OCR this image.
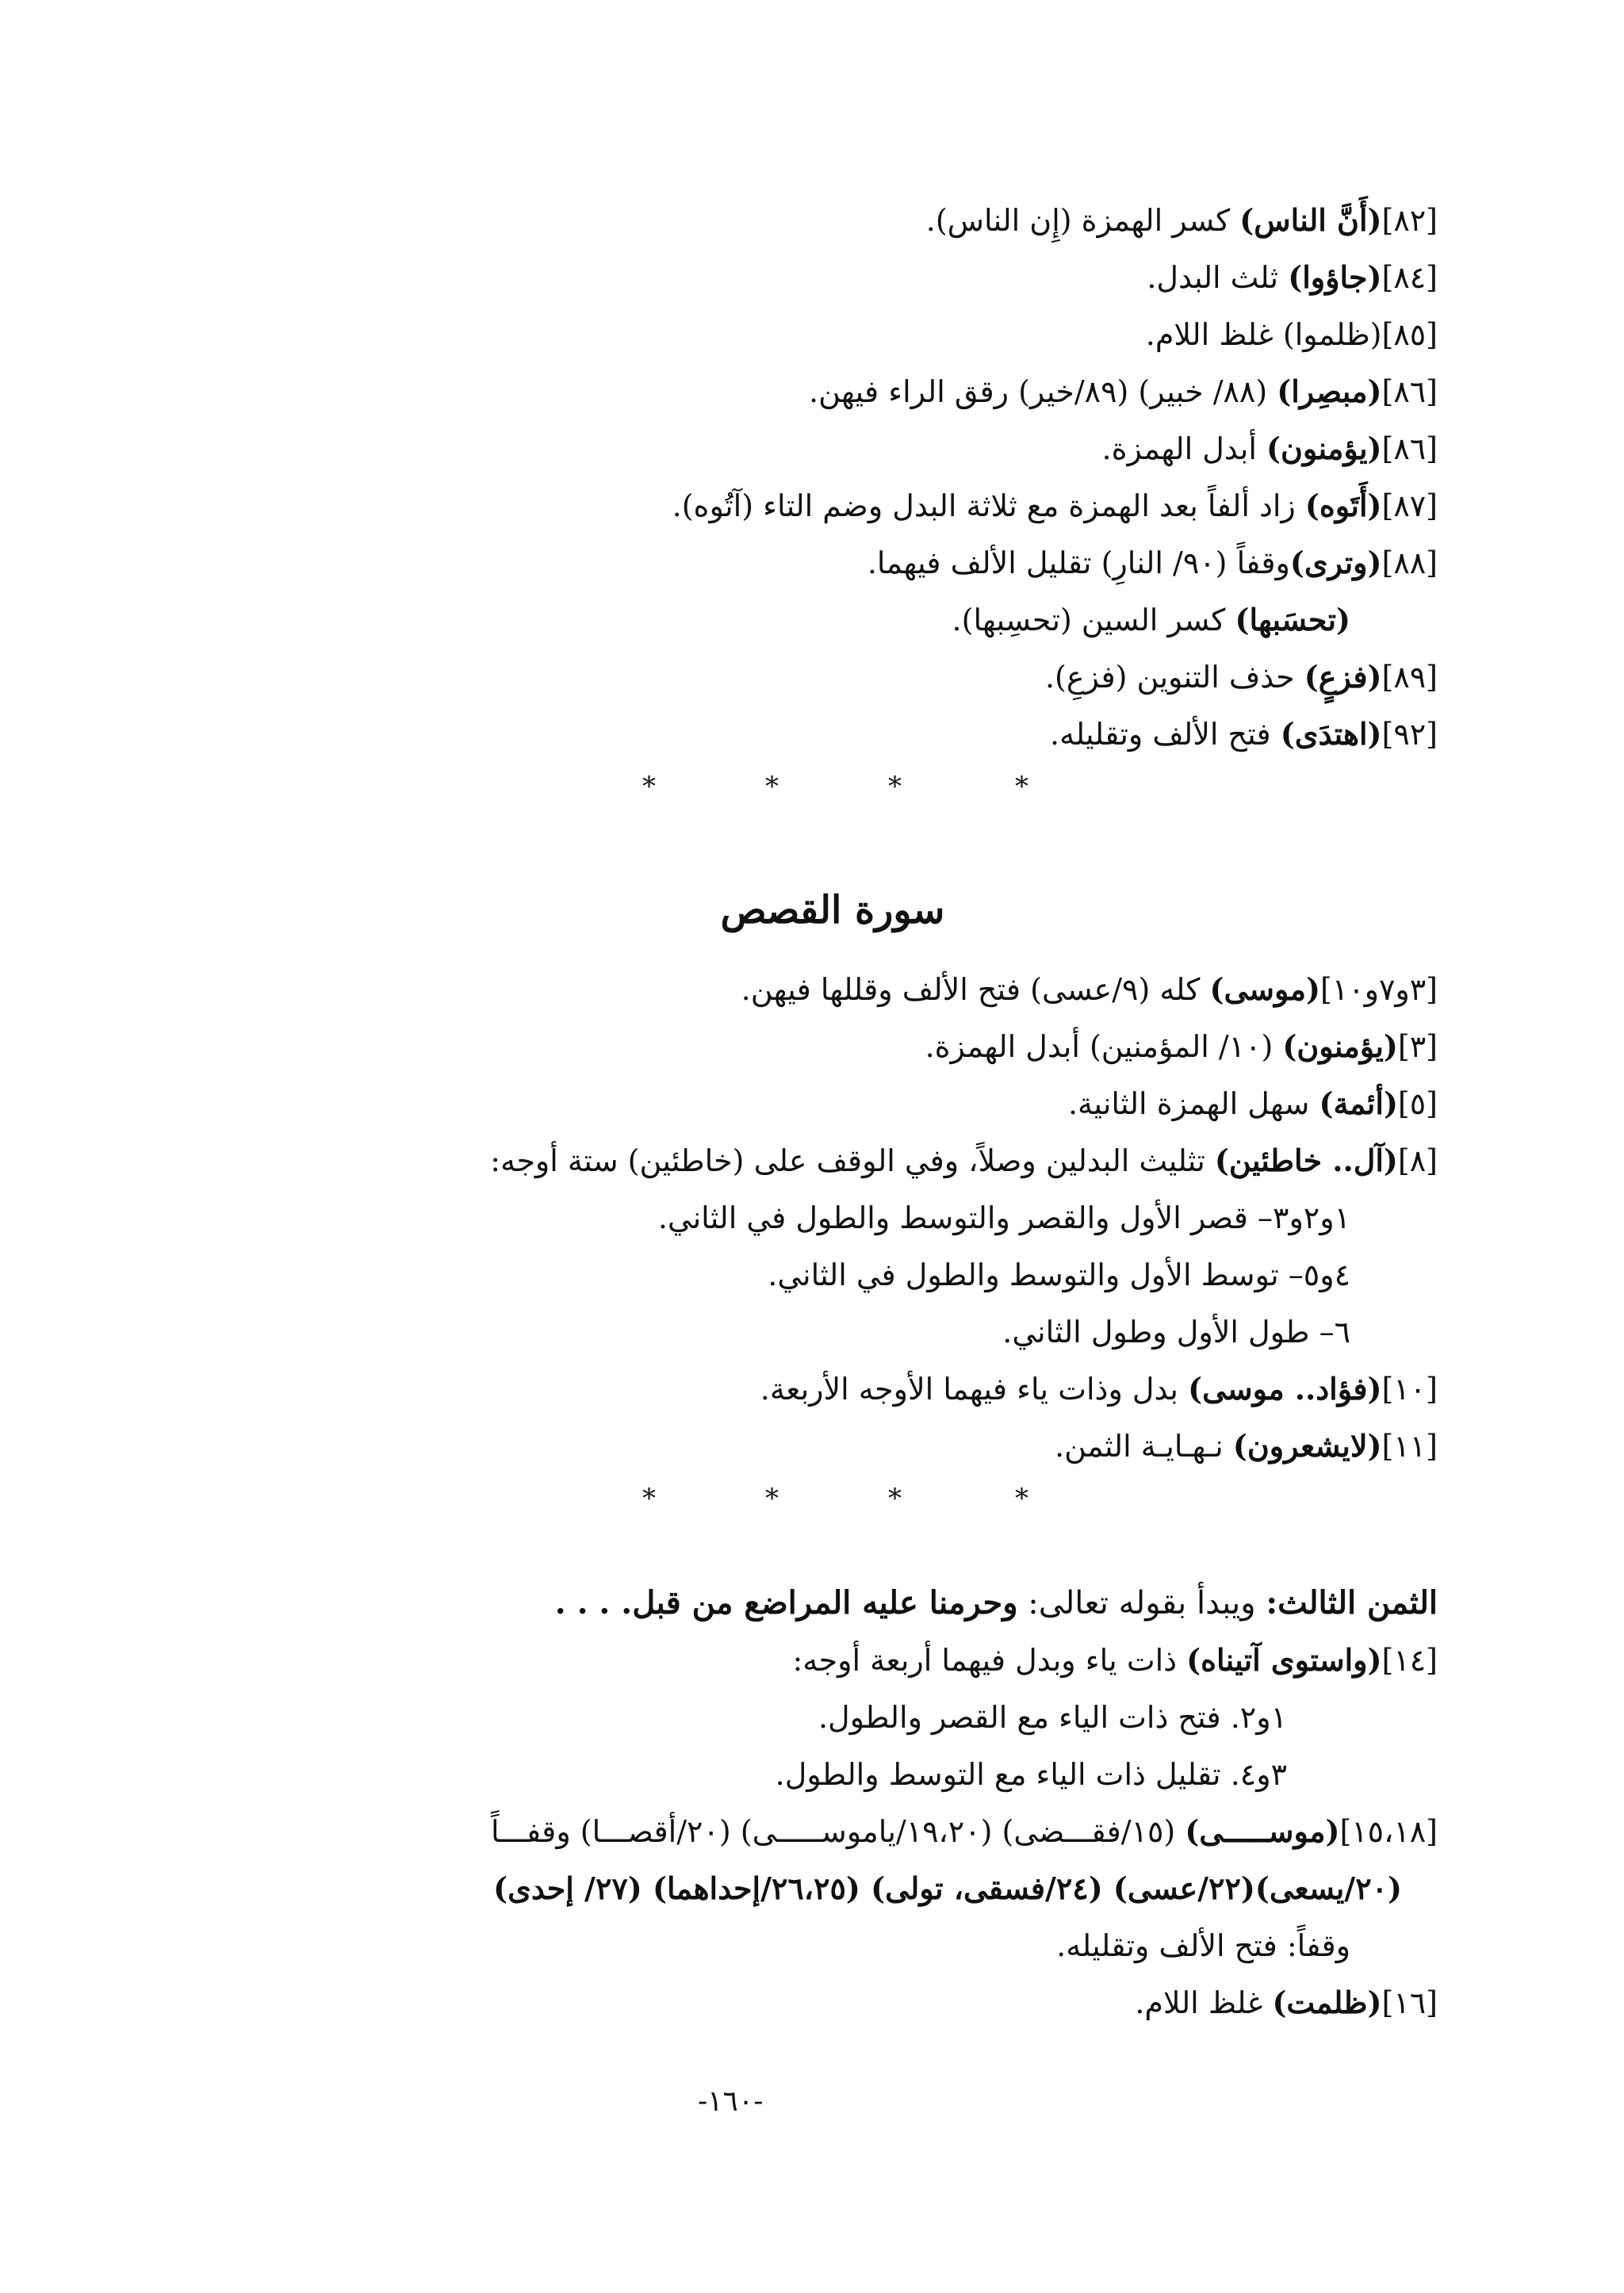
[٨٢](أَنَّ الناس) كسر الهمزة (إِن الناس).
[٨٤](جاؤوا) ثلث البدل.
[٨٥](ظلموا) غلظ اللام.
[٨٦](مبصِرا) (٨٨/ خبير) (٨٩/خير) رقق الراء فيهن.
[٨٦](يؤمنون) أبدل الهمزة.
[٨٧](أَتَوه) زاد ألفاً بعد الهمزة مع ثلاثة البدل وضم التاء (آتُوه).
[٨٨](وترى)وقفاً (٩٠/ النارِ) تقليل الألف فيهما.
(تحسَبها) كسر السين (تحسِبها).
[٨٩](فزعٍ) حذف التنوين (فزعِ).
[٩٢](اهتدَى) فتح الألف وتقليله.
*	*	*	*
سورة القصص
[٣و٧و١٠](موسى) كله (٩/عسى) فتح الألف وقللها فيهن.
[٣](يؤمنون) (١٠/ المؤمنين) أبدل الهمزة.
[٥](أئمة) سهل الهمزة الثانية.
[٨](آل.. خاطئين) تثليث البدلين وصلاً، وفي الوقف على (خاطئين) ستة أوجه:
١و٢و٣– قصر الأول والقصر والتوسط والطول في الثاني.
٤و٥– توسط الأول والتوسط والطول في الثاني.
٦– طول الأول وطول الثاني.
[١٠](فؤاد.. موسى) بدل وذات ياء فيهما الأوجه الأربعة.
[١١](لايشعرون) نـهـايـة الثمن.
*	*	*	*
الثمن الثالث: ويبدأ بقوله تعالى: وحرمنا عليه المراضع من قبل. . . .
[١٤](واستوى آتيناه) ذات ياء وبدل فيهما أربعة أوجه:
١و٢. فتح ذات الياء مع القصر والطول.
٣و٤. تقليل ذات الياء مع التوسط والطول.
[١٥،١٨](موســـــى) (١٥/فقـــضى) (١٩،٢٠/ياموســـــى) (٢٠/أقصـــا) وقفـــاً
(٢٠/يسعى)(٢٢/عسى) (٢٤/فسقى، تولى) (٢٦،٢٥/إحداهما) (٢٧/ إحدى)
وقفاً: فتح الألف وتقليله.
[١٦](ظلمت) غلظ اللام.
-١٦٠-
